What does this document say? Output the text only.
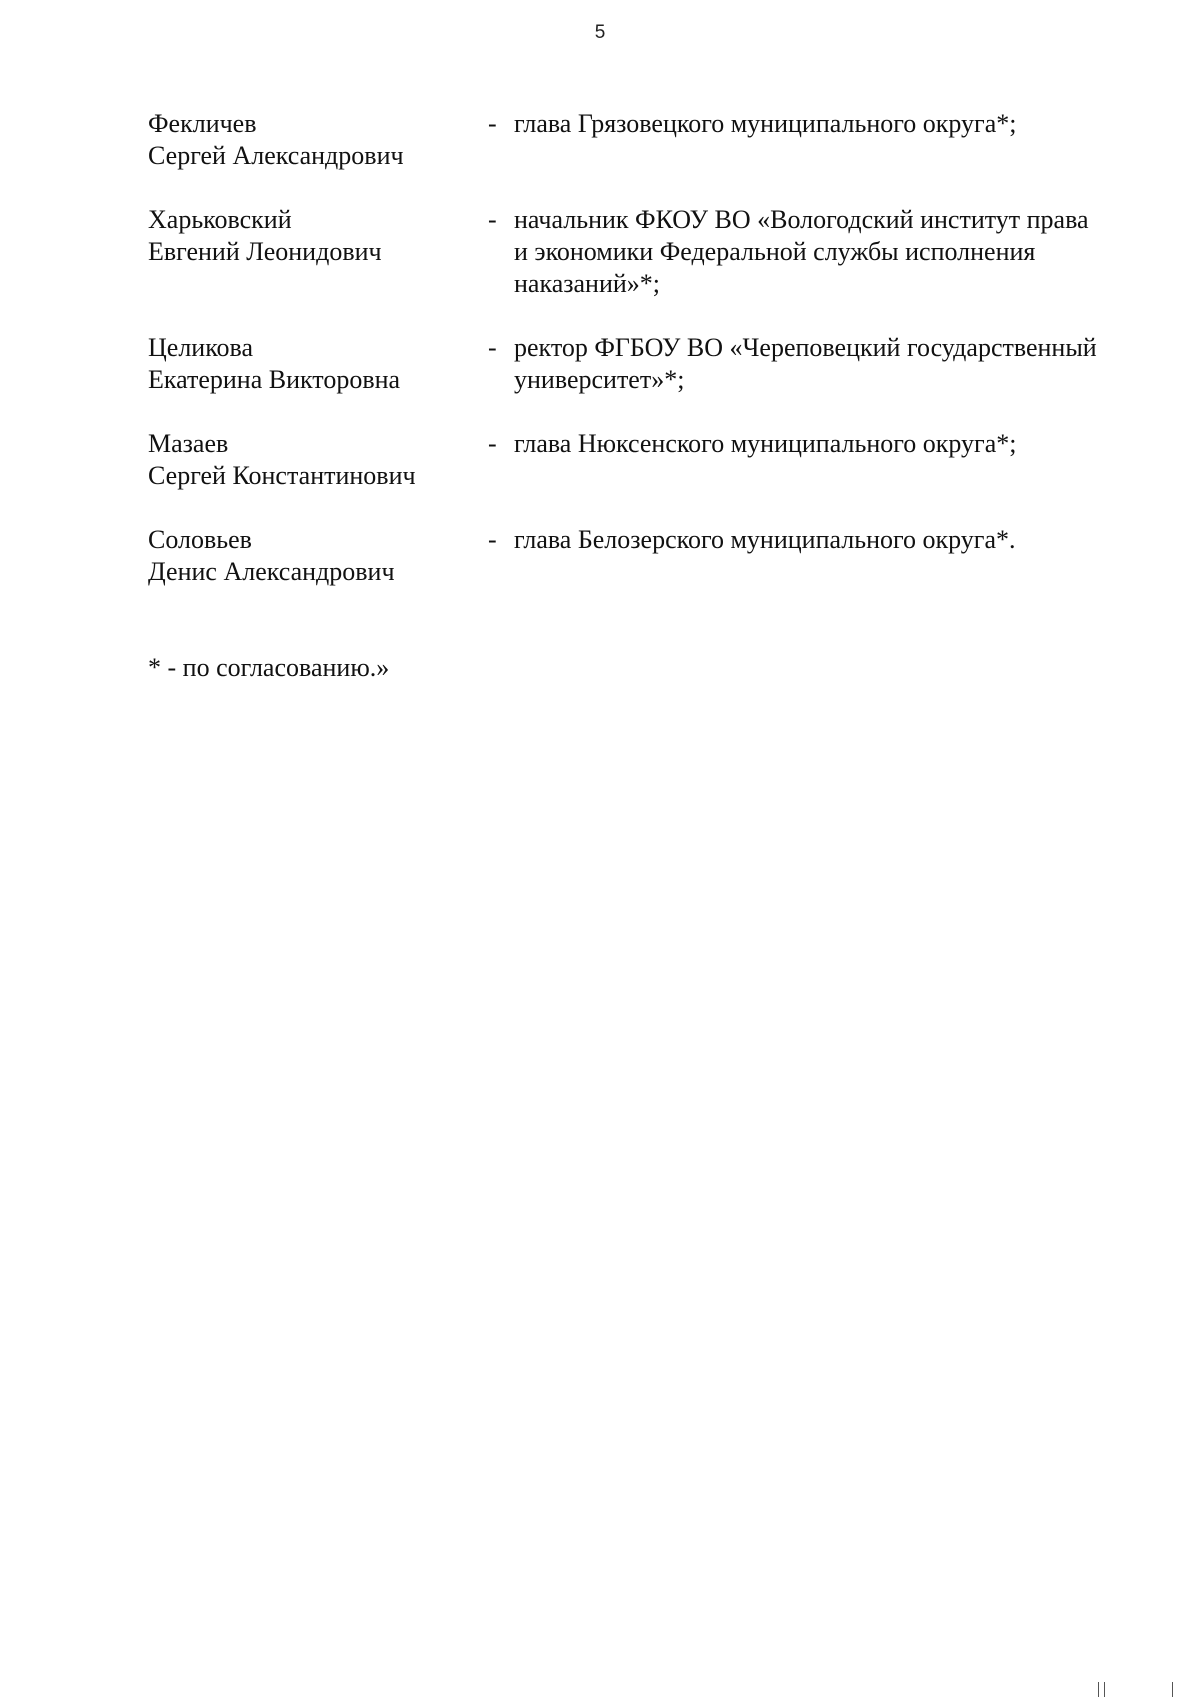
5
Фекличев
Сергей Александрович
- глава Грязовецкого муниципального округа*;
Харьковский
Евгений Леонидович
- начальник ФКОУ ВО «Вологодский институт права
и экономики Федеральной службы исполнения
наказаний»*;
Целикова
Екатерина Викторовна
- ректор ФГБОУ ВО «Череповецкий государственный
университет»*;
Мазаев
Сергей Константинович
- глава Нюксенского муниципального округа*;
Соловьев
Денис Александрович
- глава Белозерского муниципального округа*.
* - по согласованию.»
